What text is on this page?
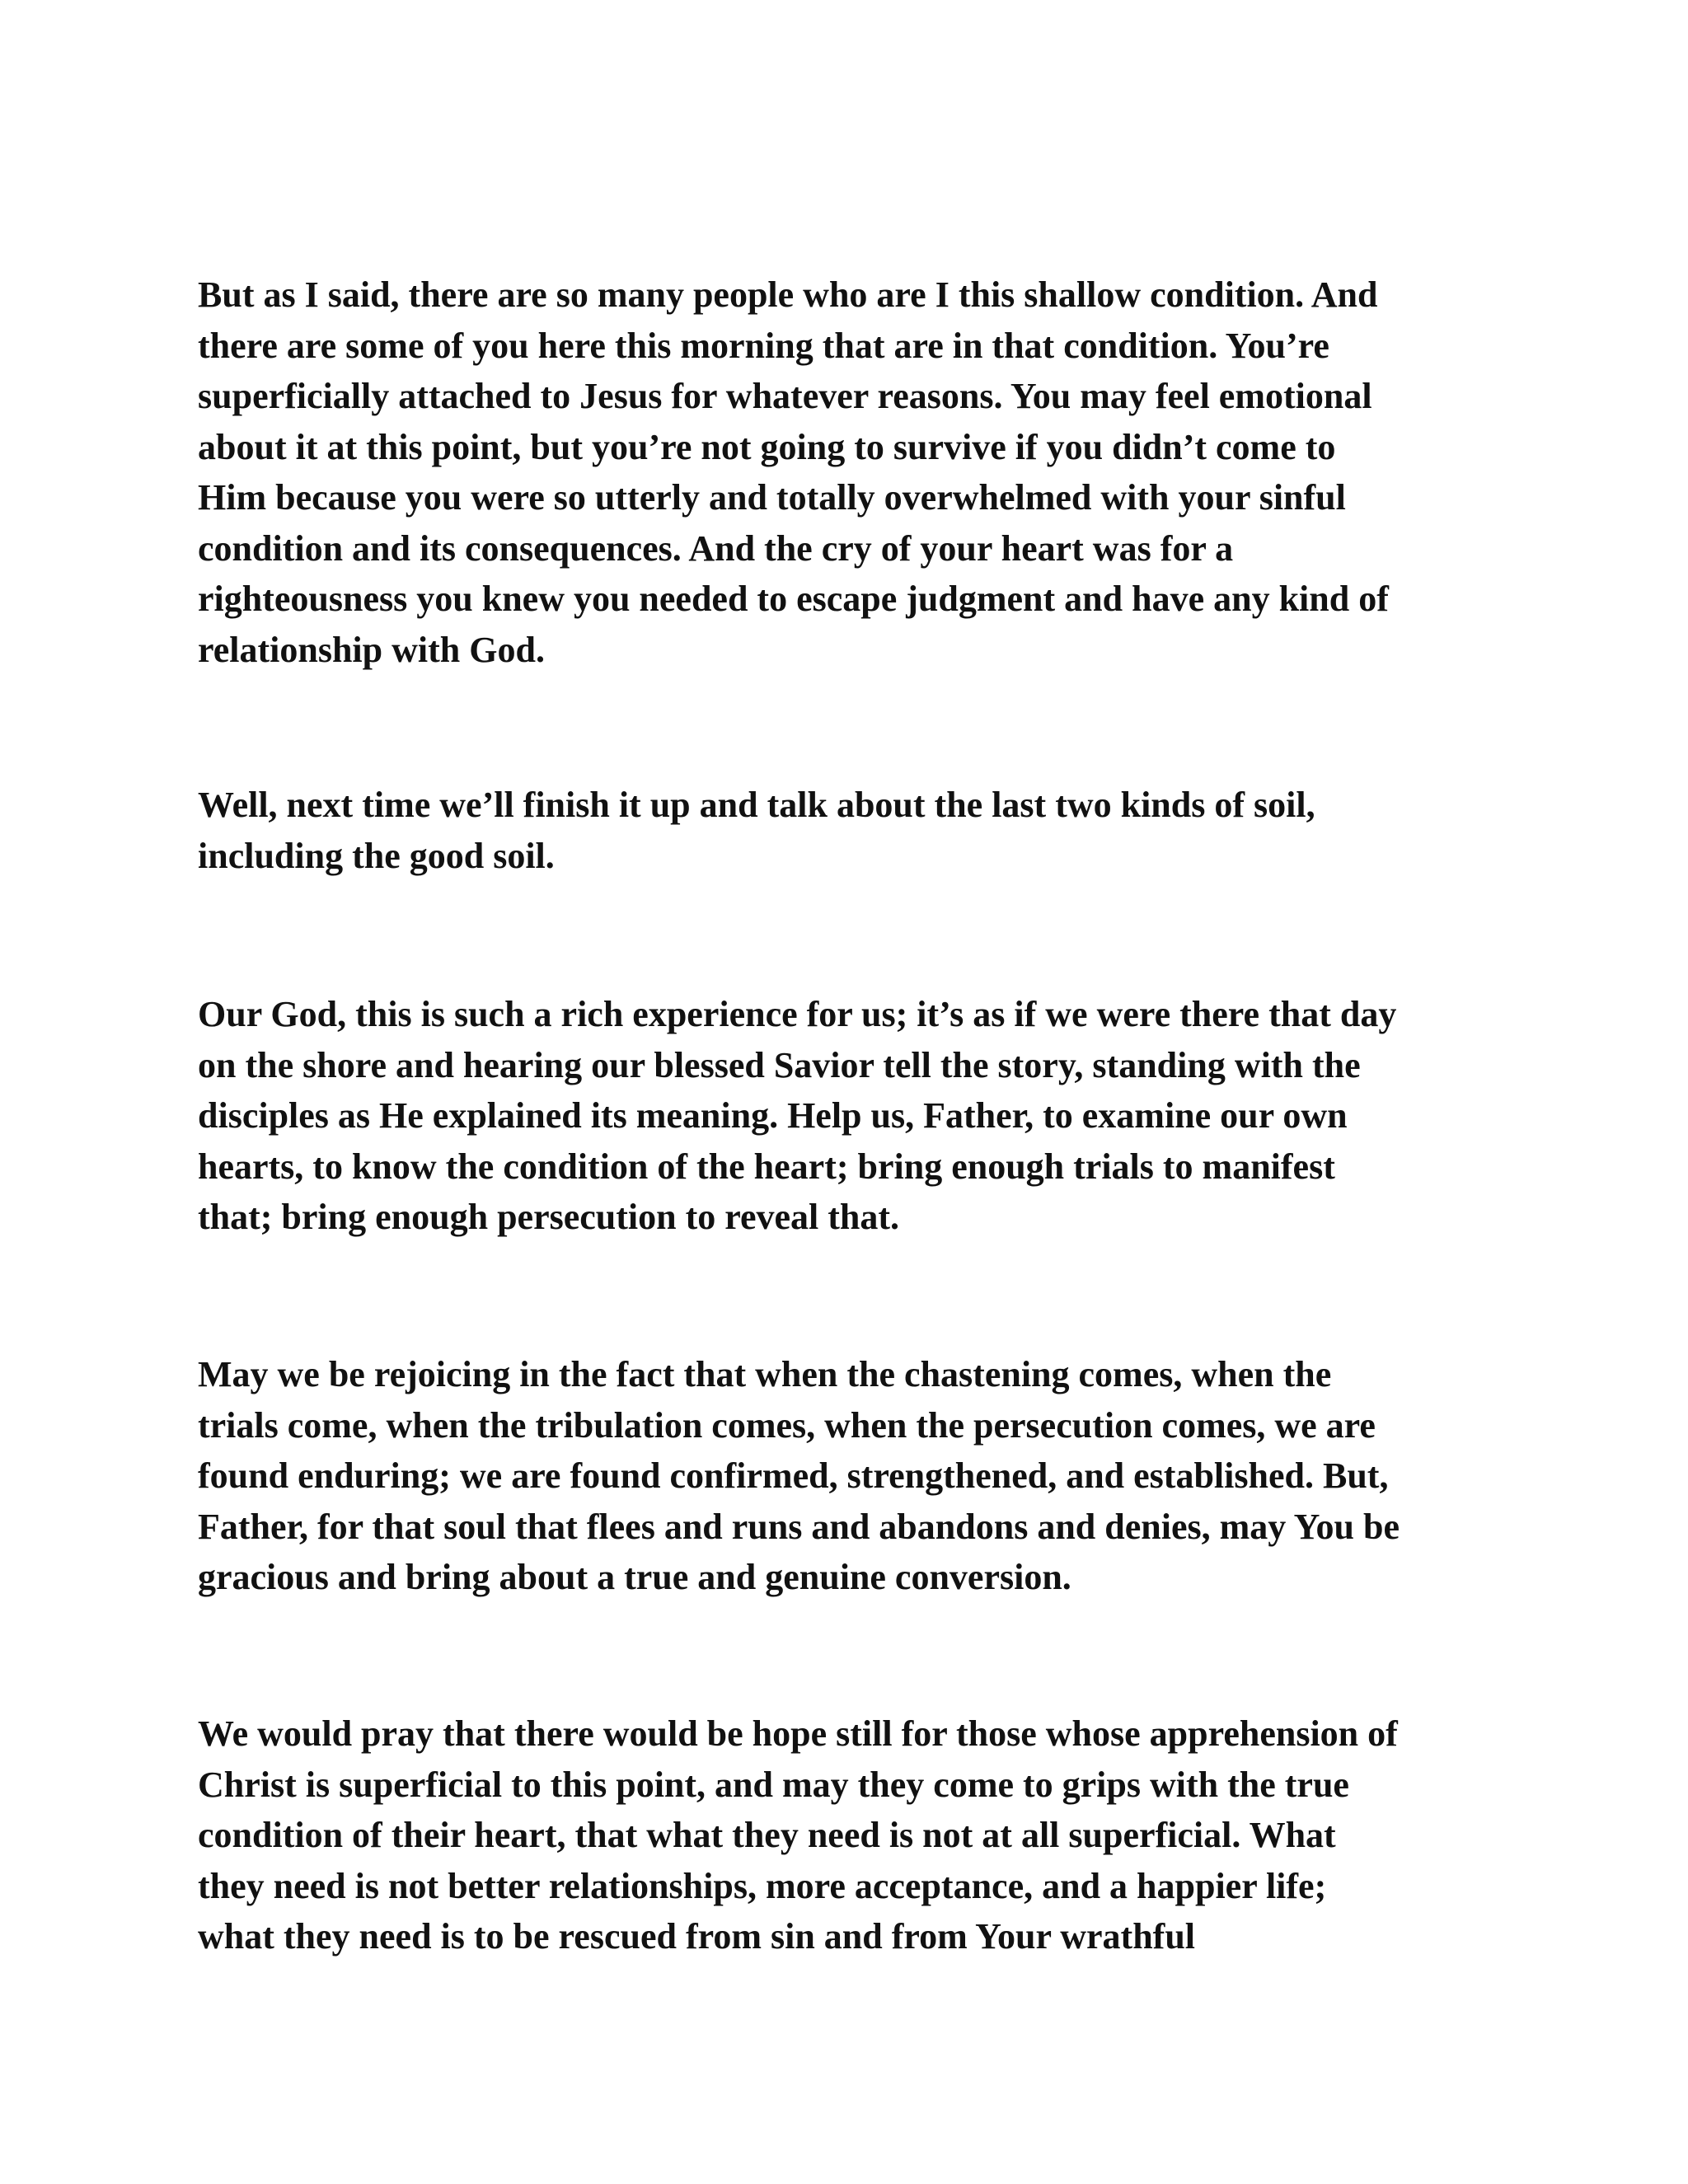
But as I said, there are so many people who are I this shallow condition. And
there are some of you here this morning that are in that condition. You’re
superficially attached to Jesus for whatever reasons. You may feel emotional
about it at this point, but you’re not going to survive if you didn’t come to
Him because you were so utterly and totally overwhelmed with your sinful
condition and its consequences. And the cry of your heart was for a
righteousness you knew you needed to escape judgment and have any kind of
relationship with God.

Well, next time we’ll finish it up and talk about the last two kinds of soil,
including the good soil.

Our God, this is such a rich experience for us; it’s as if we were there that day
on the shore and hearing our blessed Savior tell the story, standing with the
disciples as He explained its meaning. Help us, Father, to examine our own
hearts, to know the condition of the heart; bring enough trials to manifest
that; bring enough persecution to reveal that.

May we be rejoicing in the fact that when the chastening comes, when the
trials come, when the tribulation comes, when the persecution comes, we are
found enduring; we are found confirmed, strengthened, and established. But,
Father, for that soul that flees and runs and abandons and denies, may You be
gracious and bring about a true and genuine conversion.

We would pray that there would be hope still for those whose apprehension of
Christ is superficial to this point, and may they come to grips with the true
condition of their heart, that what they need is not at all superficial. What
they need is not better relationships, more acceptance, and a happier life;
what they need is to be rescued from sin and from Your wrathful
